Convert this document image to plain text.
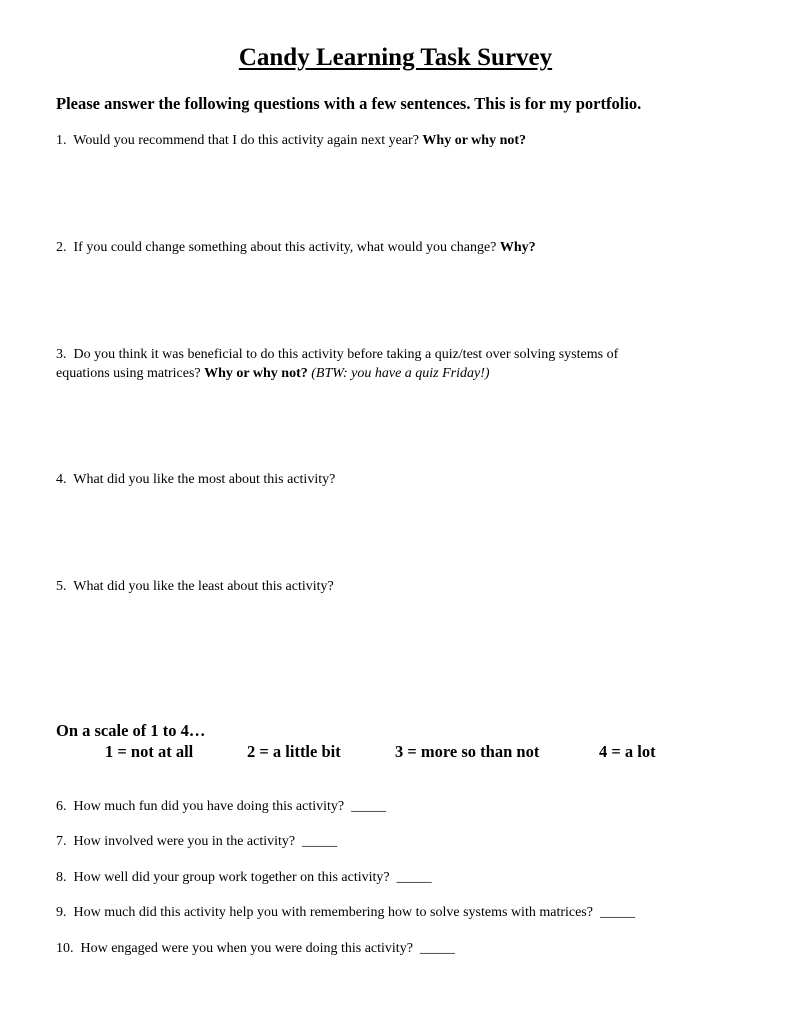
Candy Learning Task Survey
Please answer the following questions with a few sentences. This is for my portfolio.
1. Would you recommend that I do this activity again next year? Why or why not?
2. If you could change something about this activity, what would you change? Why?
3. Do you think it was beneficial to do this activity before taking a quiz/test over solving systems of
equations using matrices? Why or why not? (BTW: you have a quiz Friday!)
4. What did you like the most about this activity?
5. What did you like the least about this activity?
On a scale of 1 to 4…
1 = not at all	2 = a little bit	3 = more so than not	4 = a lot
6. How much fun did you have doing this activity? _____
7. How involved were you in the activity? _____
8. How well did your group work together on this activity? _____
9. How much did this activity help you with remembering how to solve systems with matrices? _____
10. How engaged were you when you were doing this activity? _____
